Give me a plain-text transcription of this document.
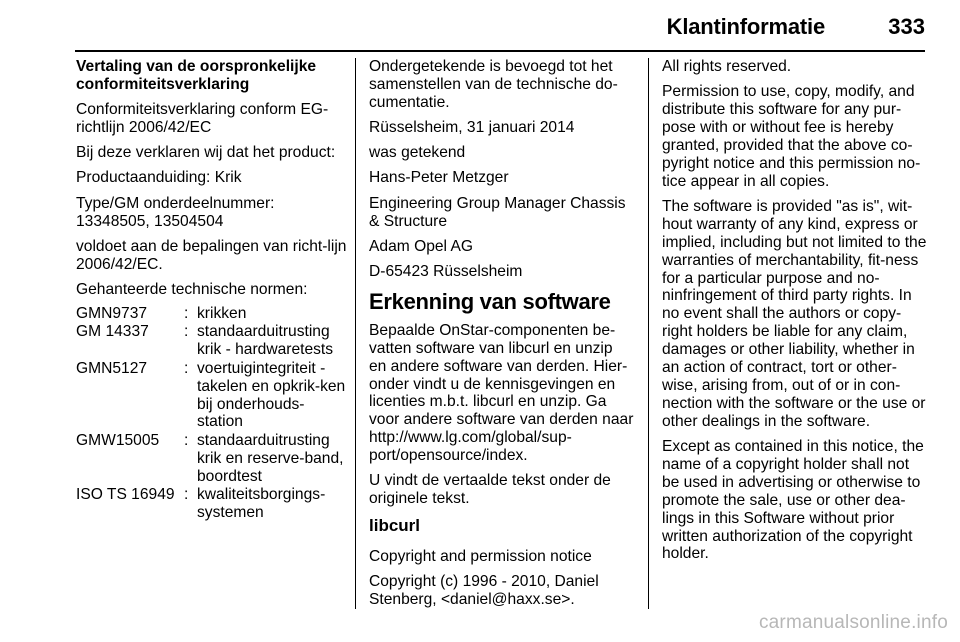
Klantinformatie	333

Vertaling van de oorspronkelijke conformiteitsverklaring

Conformiteitsverklaring conform EG-richtlijn 2006/42/EC

Bij deze verklaren wij dat het product:

Productaanduiding: Krik

Type/GM onderdeelnummer: 13348505, 13504504

voldoet aan de bepalingen van richt-lijn 2006/42/EC.

Gehanteerde technische normen:

GMN9737	:	krikken
GM 14337	:	standaarduitrusting krik - hardwaretests
GMN5127	:	voertuigintegriteit - takelen en opkrik-ken bij onderhouds-station
GMW15005	:	standaarduitrusting krik en reserve-band, boordtest
ISO TS 16949	:	kwaliteitsborgings-systemen

Ondergetekende is bevoegd tot het samenstellen van de technische do-cumentatie.

Rüsselsheim, 31 januari 2014

was getekend

Hans-Peter Metzger

Engineering Group Manager Chassis & Structure

Adam Opel AG

D-65423 Rüsselsheim

Erkenning van software

Bepaalde OnStar-componenten be-vatten software van libcurl en unzip en andere software van derden. Hier-onder vindt u de kennisgevingen en licenties m.b.t. libcurl en unzip. Ga voor andere software van derden naar http://www.lg.com/global/sup-port/opensource/index.

U vindt de vertaalde tekst onder de originele tekst.

libcurl

Copyright and permission notice

Copyright (c) 1996 - 2010, Daniel Stenberg, <daniel@haxx.se>.

All rights reserved.

Permission to use, copy, modify, and distribute this software for any pur-pose with or without fee is hereby granted, provided that the above co-pyright notice and this permission no-tice appear in all copies.

The software is provided "as is", wit-hout warranty of any kind, express or implied, including but not limited to the warranties of merchantability, fit-ness for a particular purpose and no-ninfringement of third party rights. In no event shall the authors or copy-right holders be liable for any claim, damages or other liability, whether in an action of contract, tort or other-wise, arising from, out of or in con-nection with the software or the use or other dealings in the software.

Except as contained in this notice, the name of a copyright holder shall not be used in advertising or otherwise to promote the sale, use or other dea-lings in this Software without prior written authorization of the copyright holder.

carmanualsonline.info
